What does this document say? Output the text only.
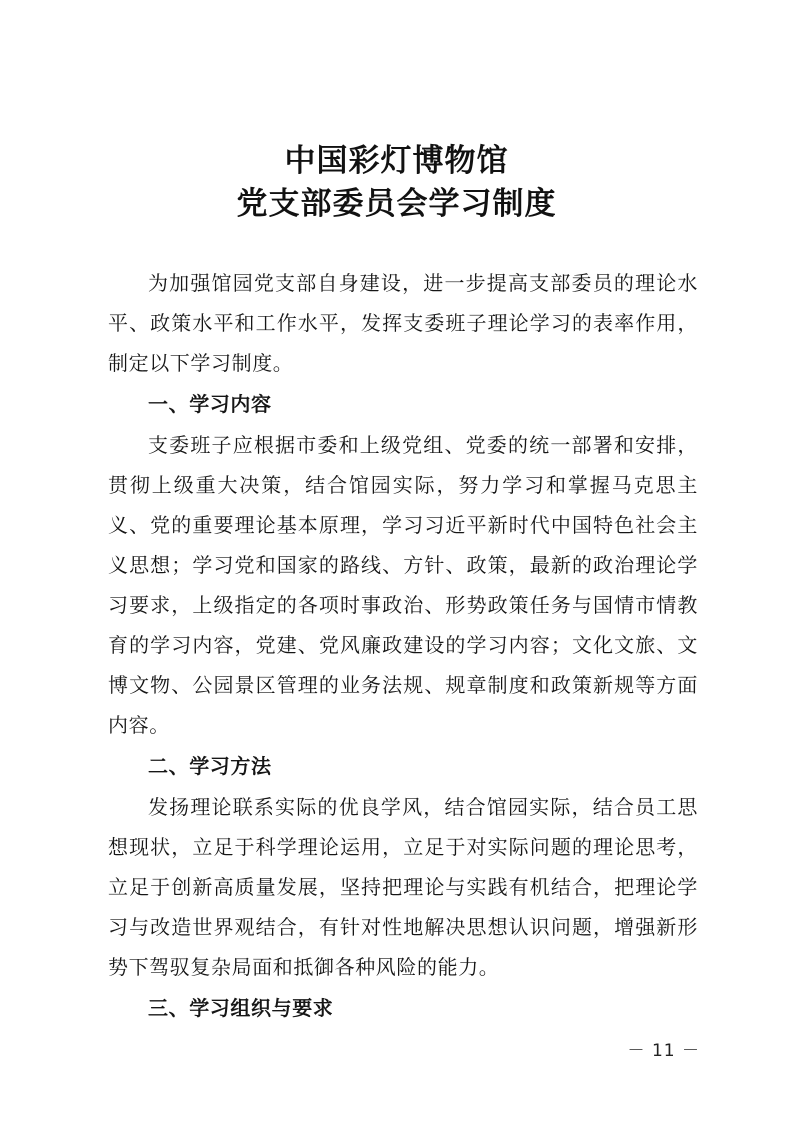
中国彩灯博物馆
党支部委员会学习制度

为加强馆园党支部自身建设，进一步提高支部委员的理论水平、政策水平和工作水平，发挥支委班子理论学习的表率作用，制定以下学习制度。

一、学习内容

支委班子应根据市委和上级党组、党委的统一部署和安排，贯彻上级重大决策，结合馆园实际，努力学习和掌握马克思主义、党的重要理论基本原理，学习习近平新时代中国特色社会主义思想；学习党和国家的路线、方针、政策，最新的政治理论学习要求，上级指定的各项时事政治、形势政策任务与国情市情教育的学习内容，党建、党风廉政建设的学习内容；文化文旅、文博文物、公园景区管理的业务法规、规章制度和政策新规等方面内容。

二、学习方法

发扬理论联系实际的优良学风，结合馆园实际，结合员工思想现状，立足于科学理论运用，立足于对实际问题的理论思考，立足于创新高质量发展，坚持把理论与实践有机结合，把理论学习与改造世界观结合，有针对性地解决思想认识问题，增强新形势下驾驭复杂局面和抵御各种风险的能力。

三、学习组织与要求

－ 11 －
